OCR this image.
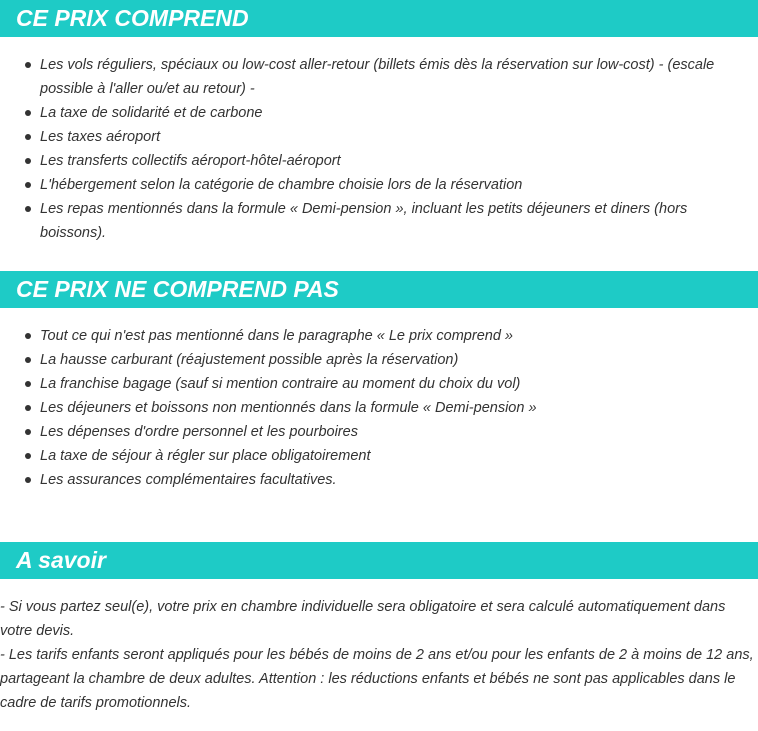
CE PRIX COMPREND
Les vols réguliers, spéciaux ou low-cost aller-retour (billets émis dès la réservation sur low-cost) - (escale possible à l'aller ou/et au retour) -
La taxe de solidarité et de carbone
Les taxes aéroport
Les transferts collectifs aéroport-hôtel-aéroport
L'hébergement selon la catégorie de chambre choisie lors de la réservation
Les repas mentionnés dans la formule « Demi-pension », incluant les petits déjeuners et diners (hors boissons).
CE PRIX NE COMPREND PAS
Tout ce qui n'est pas mentionné dans le paragraphe « Le prix comprend »
La hausse carburant (réajustement possible après la réservation)
La franchise bagage (sauf si mention contraire au moment du choix du vol)
Les déjeuners et boissons non mentionnés dans la formule « Demi-pension »
Les dépenses d'ordre personnel et les pourboires
La taxe de séjour à régler sur place obligatoirement
Les assurances complémentaires facultatives.
A savoir

- Si vous partez seul(e), votre prix en chambre individuelle sera obligatoire et sera calculé automatiquement dans votre devis.

- Les tarifs enfants seront appliqués pour les bébés de moins de 2 ans et/ou pour les enfants de 2 à moins de 12 ans, partageant la chambre de deux adultes. Attention : les réductions enfants et bébés ne sont pas applicables dans le cadre de tarifs promotionnels.
